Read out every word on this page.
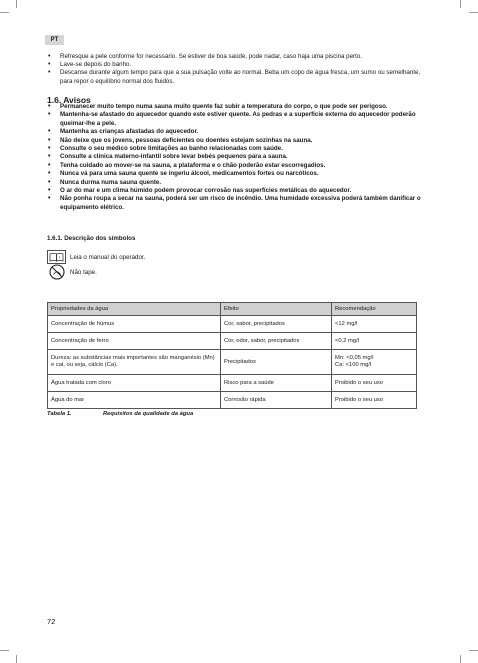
PT
• Refresque a pele conforme for necessário. Se estiver de boa saúde, pode nadar, caso haja uma piscina perto.
• Lave-se depois do banho.
• Descanse durante algum tempo para que a sua pulsação volte ao normal. Beba um copo de água fresca, um sumo ou semelhante, para repor o equilíbrio normal dos fluidos.
1.6. Avisos
• Permanecer muito tempo numa sauna muito quente faz subir a temperatura do corpo, o que pode ser perigoso.
• Mantenha-se afastado do aquecedor quando este estiver quente. As pedras e a superfície externa do aquecedor poderão queimar-lhe a pele.
• Mantenha as crianças afastadas do aquecedor.
• Não deixe que os jovens, pessoas deficientes ou doentes estejam sozinhas na sauna.
• Consulte o seu médico sobre limitações ao banho relacionadas com saúde.
• Consulte a clínica materno-infantil sobre levar bebés pequenos para a sauna.
• Tenha cuidado ao mover-se na sauna, a plataforma e o chão poderão estar escorregadios.
• Nunca vá para uma sauna quente se ingeriu álcool, medicamentos fortes ou narcóticos.
• Nunca durma numa sauna quente.
• O ar do mar e um clima húmido podem provocar corrosão nas superfícies metálicas do aquecedor.
• Não ponha roupa a secar na sauna, poderá ser um risco de incêndio. Uma humidade excessiva poderá também danificar o equipamento elétrico.
1.6.1. Descrição dos símbolos
i Leia o manual do operador.
Não tape.
Propriedades da água	Efeito	Recomendação
Concentração de húmus	Cor, sabor, precipitados	<12 mg/l
Concentração de ferro	Cor, odor, sabor, precipitados	<0,2 mg/l
Dureza: as substâncias mais importantes são manganésio (Mn) e cal, ou seja, cálcio (Ca).	Precipitados	Mn: <0,05 mg/l
Ca: <100 mg/l
Água tratada com cloro	Risco para a saúde	Proibido o seu uso
Água do mar	Corrosão rápida	Proibido o seu uso
Tabela 1.	Requisitos da qualidade da água
72
